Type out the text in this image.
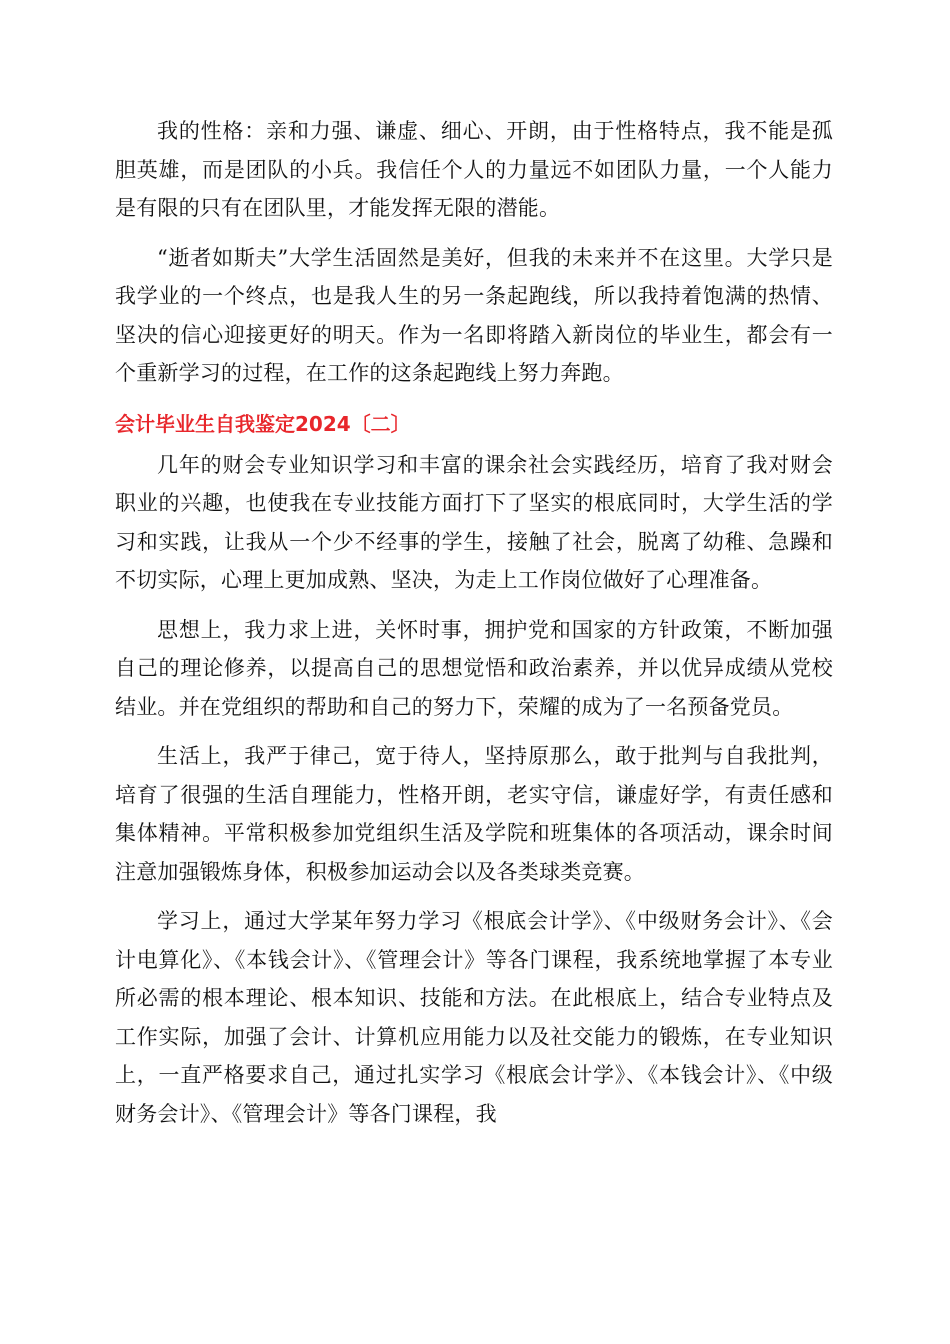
我的性格：亲和力强、谦虚、细心、开朗，由于性格特点，我不能是孤胆英雄，而是团队的小兵。我信任个人的力量远不如团队力量，一个人能力是有限的只有在团队里，才能发挥无限的潜能。

“逝者如斯夫”大学生活固然是美好，但我的未来并不在这里。大学只是我学业的一个终点，也是我人生的另一条起跑线，所以我持着饱满的热情、坚决的信心迎接更好的明天。作为一名即将踏入新岗位的毕业生，都会有一个重新学习的过程，在工作的这条起跑线上努力奔跑。

会计毕业生自我鉴定2024〔二〕

几年的财会专业知识学习和丰富的课余社会实践经历，培育了我对财会职业的兴趣，也使我在专业技能方面打下了坚实的根底同时，大学生活的学习和实践，让我从一个少不经事的学生，接触了社会，脱离了幼稚、急躁和不切实际，心理上更加成熟、坚决，为走上工作岗位做好了心理准备。

思想上，我力求上进，关怀时事，拥护党和国家的方针政策，不断加强自己的理论修养，以提高自己的思想觉悟和政治素养，并以优异成绩从党校结业。并在党组织的帮助和自己的努力下，荣耀的成为了一名预备党员。

生活上，我严于律己，宽于待人，坚持原那么，敢于批判与自我批判，培育了很强的生活自理能力，性格开朗，老实守信，谦虚好学，有责任感和集体精神。平常积极参加党组织生活及学院和班集体的各项活动，课余时间注意加强锻炼身体，积极参加运动会以及各类球类竞赛。

学习上，通过大学某年努力学习《根底会计学》、《中级财务会计》、《会计电算化》、《本钱会计》、《管理会计》等各门课程，我系统地掌握了本专业所必需的根本理论、根本知识、技能和方法。在此根底上，结合专业特点及工作实际，加强了会计、计算机应用能力以及社交能力的锻炼，在专业知识上，一直严格要求自己，通过扎实学习《根底会计学》、《本钱会计》、《中级财务会计》、《管理会计》等各门课程，我
